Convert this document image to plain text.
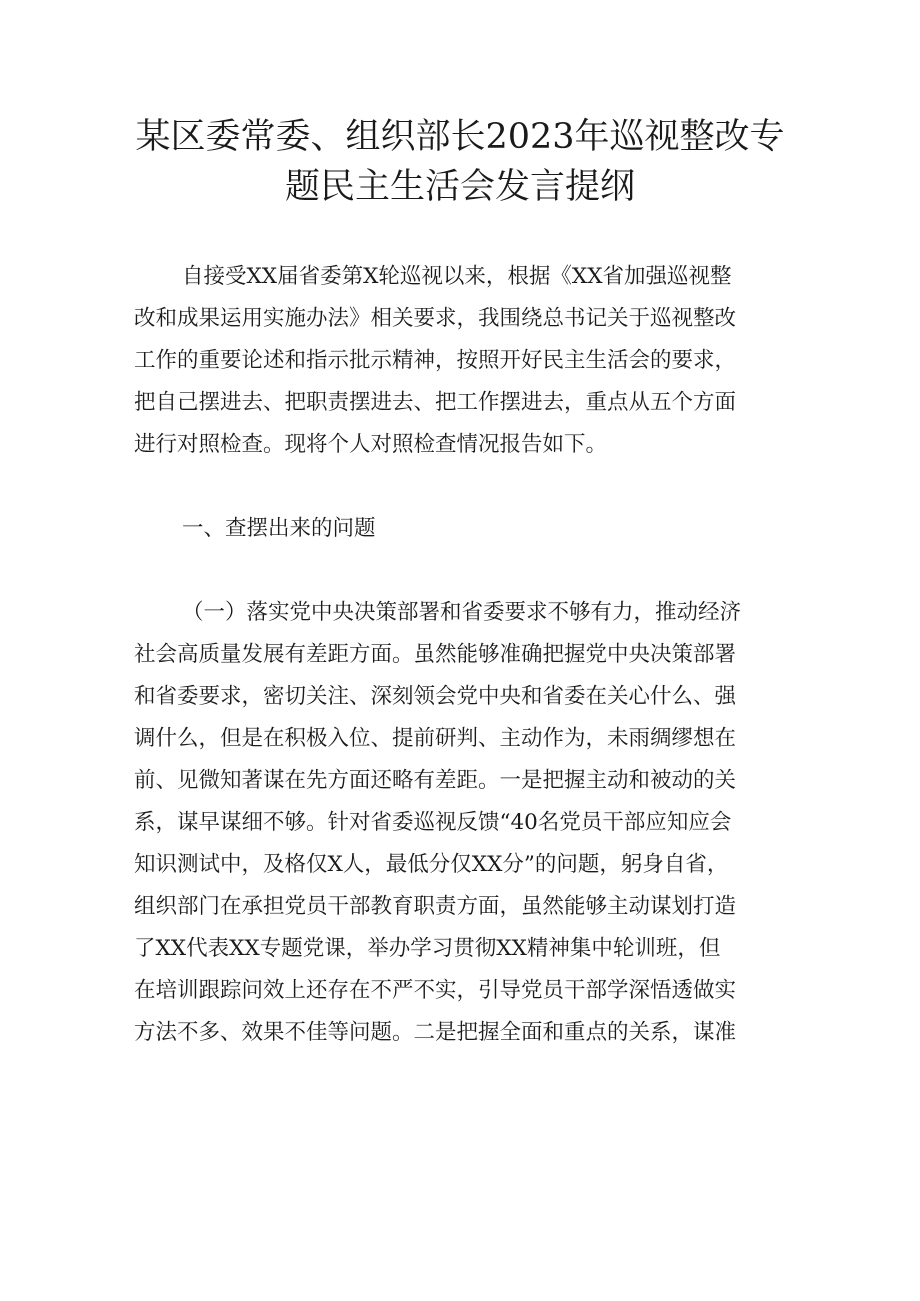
某区委常委、组织部长2023年巡视整改专
题民主生活会发言提纲
自接受XX届省委第X轮巡视以来，根据《XX省加强巡视整
改和成果运用实施办法》相关要求，我围绕总书记关于巡视整改
工作的重要论述和指示批示精神，按照开好民主生活会的要求，
把自己摆进去、把职责摆进去、把工作摆进去，重点从五个方面
进行对照检查。现将个人对照检查情况报告如下。
一、查摆出来的问题
（一）落实党中央决策部署和省委要求不够有力，推动经济
社会高质量发展有差距方面。虽然能够准确把握党中央决策部署
和省委要求，密切关注、深刻领会党中央和省委在关心什么、强
调什么，但是在积极入位、提前研判、主动作为，未雨绸缪想在
前、见微知著谋在先方面还略有差距。一是把握主动和被动的关
系，谋早谋细不够。针对省委巡视反馈“40名党员干部应知应会
知识测试中，及格仅X人，最低分仅XX分”的问题，躬身自省，
组织部门在承担党员干部教育职责方面，虽然能够主动谋划打造
了XX代表XX专题党课，举办学习贯彻XX精神集中轮训班，但
在培训跟踪问效上还存在不严不实，引导党员干部学深悟透做实
方法不多、效果不佳等问题。二是把握全面和重点的关系，谋准
